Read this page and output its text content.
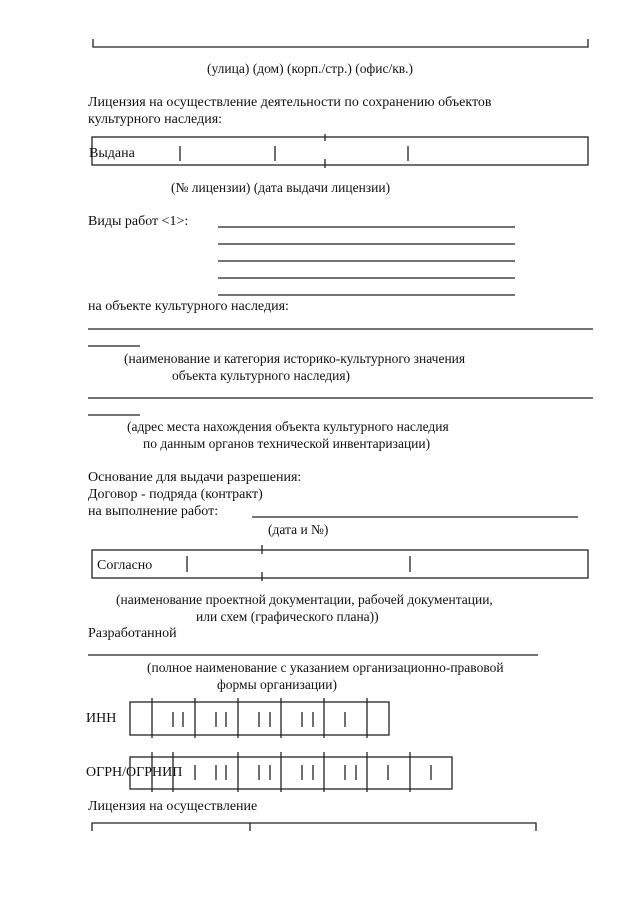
(улица) (дом) (корп./стр.) (офис/кв.)
Лицензия на осуществление деятельности по сохранению объектов
культурного наследия:
Выдана
(№ лицензии) (дата выдачи лицензии)
Виды работ <1>:
на объекте культурного наследия:
(наименование и категория историко-культурного значения
объекта культурного наследия)
(адрес места нахождения объекта культурного наследия
по данным органов технической инвентаризации)
Основание для выдачи разрешения:
Договор - подряда (контракт)
на выполнение работ:
(дата и №)
Согласно
(наименование проектной документации, рабочей документации,
или схем (графического плана))
Разработанной
(полное наименование с указанием организационно-правовой
формы организации)
ИНН
ОГРН/ОГРНИП
Лицензия на осуществление
